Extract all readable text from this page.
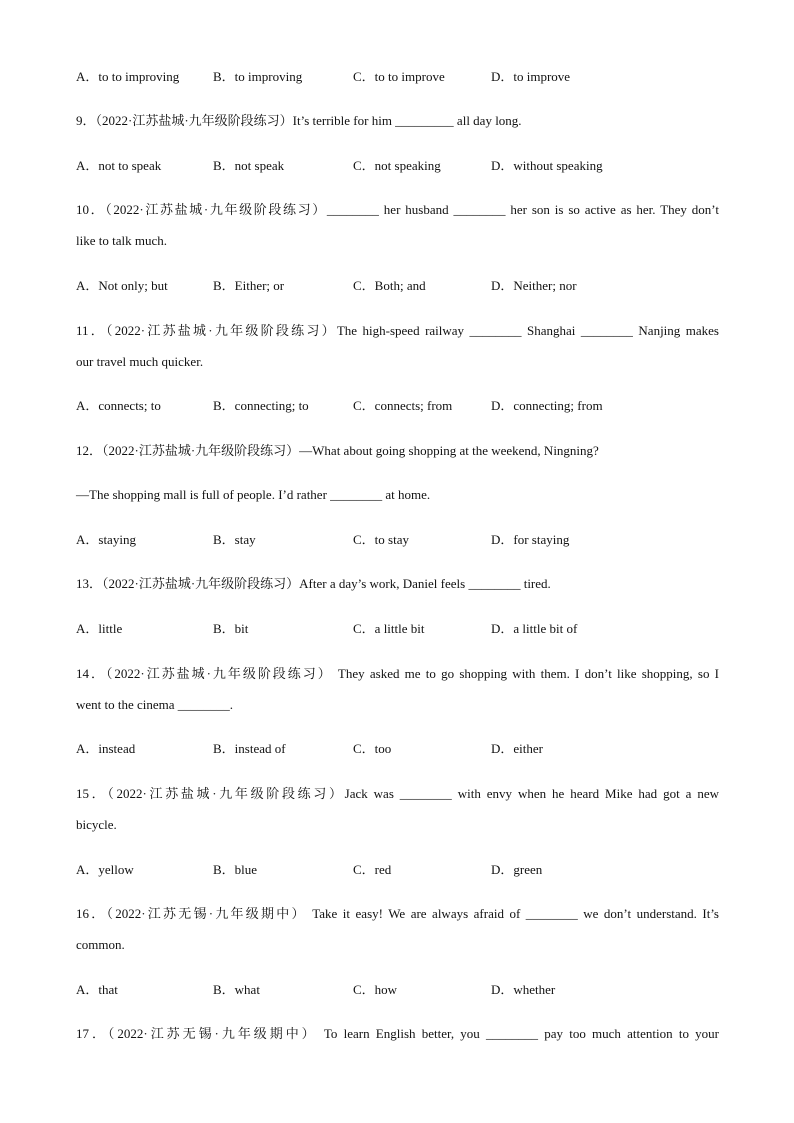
A．to to improving	B．to improving	C．to to improve	D．to improve
9．（2022·江苏盐城·九年级阶段练习）It’s terrible for him _________ all day long.
A．not to speak	B．not speak	C．not speaking	D．without speaking
10．（2022·江苏盐城·九年级阶段练习）________ her husband ________ her son is so active as her. They don’t
like to talk much.
A．Not only; but	B．Either; or	C．Both; and	D．Neither; nor
11．（2022·江苏盐城·九年级阶段练习）The high-speed railway ________ Shanghai ________ Nanjing makes
our travel much quicker.
A．connects; to	B．connecting; to	C．connects; from	D．connecting; from
12．（2022·江苏盐城·九年级阶段练习）—What about going shopping at the weekend, Ningning?
—The shopping mall is full of people. I’d rather ________ at home.
A．staying	B．stay	C．to stay	D．for staying
13．（2022·江苏盐城·九年级阶段练习）After a day’s work, Daniel feels ________ tired.
A．little	B．bit	C．a little bit	D．a little bit of
14．（2022·江苏盐城·九年级阶段练习） They asked me to go shopping with them. I don’t like shopping, so I
went to the cinema ________.
A．instead	B．instead of	C．too	D．either
15．（2022·江苏盐城·九年级阶段练习）Jack was ________ with envy when he heard Mike had got a new
bicycle.
A．yellow	B．blue	C．red	D．green
16．（2022·江苏无锡·九年级期中） Take it easy! We are always afraid of ________ we don’t understand. It’s
common.
A．that	B．what	C．how	D．whether
17．（2022·江苏无锡·九年级期中） To learn English better, you ________ pay too much attention to your
